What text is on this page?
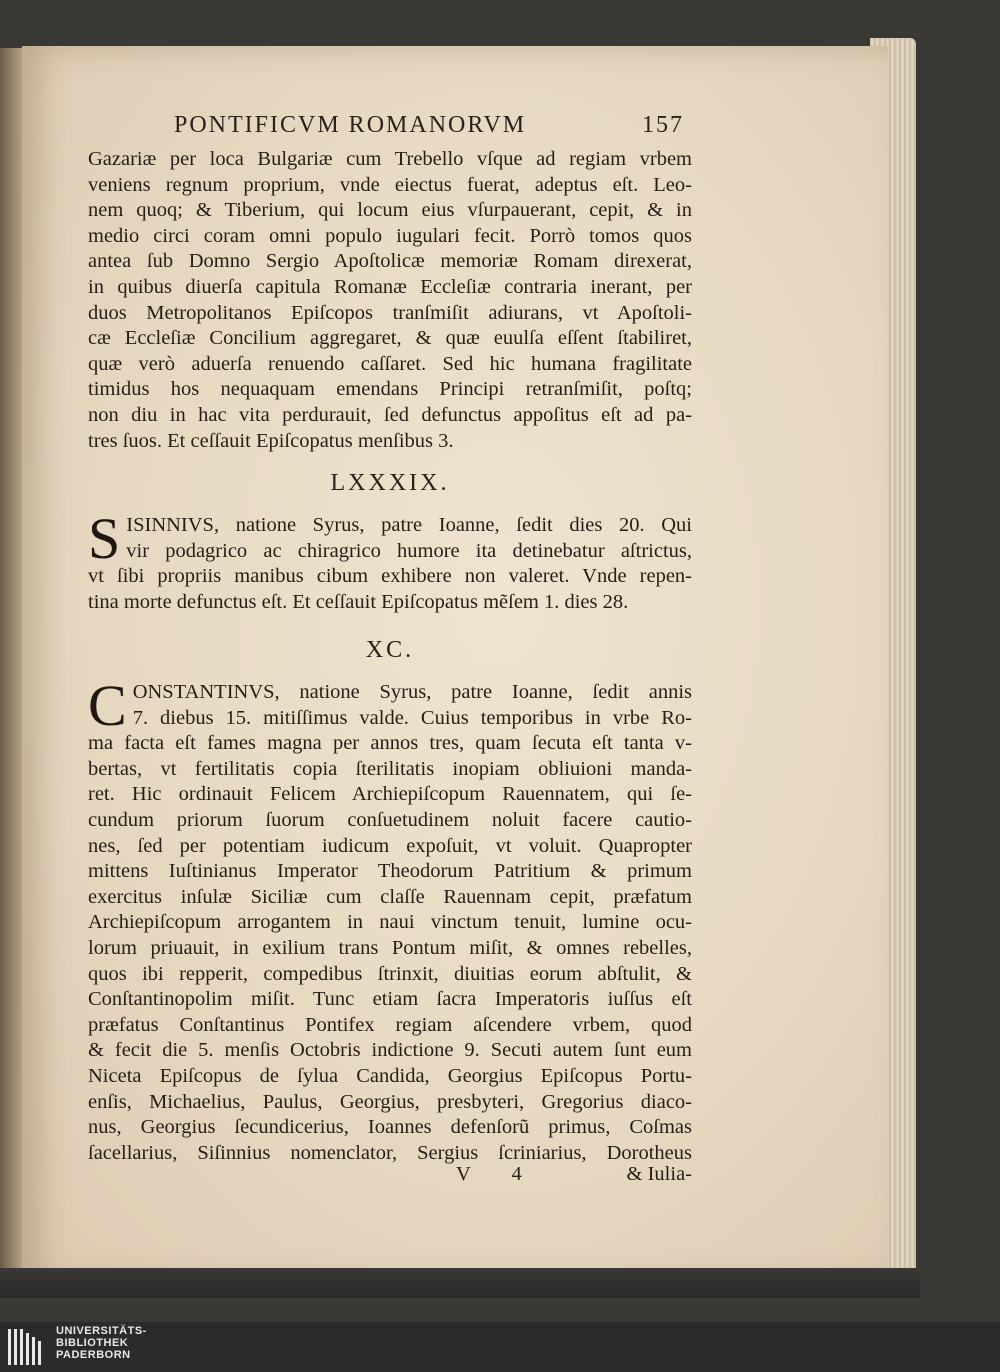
PONTIFICVM ROMANORVM	157
Gazariæ per loca Bulgariæ cum Trebello vſque ad regiam vrbem
veniens regnum proprium, vnde eiectus fuerat, adeptus eſt. Leo-
nem quoq; & Tiberium, qui locum eius vſurpauerant, cepit, & in
medio circi coram omni populo iugulari fecit. Porrò tomos quos
antea ſub Domno Sergio Apoſtolicæ memoriæ Romam direxerat,
in quibus diuerſa capitula Romanæ Eccleſiæ contraria inerant, per
duos Metropolitanos Epiſcopos tranſmiſit adiurans, vt Apoſtoli-
cæ Eccleſiæ Concilium aggregaret, & quæ euulſa eſſent ſtabiliret,
quæ verò aduerſa renuendo caſſaret. Sed hic humana fragilitate
timidus hos nequaquam emendans Principi retranſmiſit, poſtq;
non diu in hac vita perdurauit, ſed defunctus appoſitus eſt ad pa-
tres ſuos. Et ceſſauit Epiſcopatus menſibus 3.
LXXXIX.
S ISINNIVS, natione Syrus, patre Ioanne, ſedit dies 20. Qui
vir podagrico ac chiragrico humore ita detinebatur aſtrictus,
vt ſibi propriis manibus cibum exhibere non valeret. Vnde repen-
tina morte defunctus eſt. Et ceſſauit Epiſcopatus mẽſem 1. dies 28.
XC.
C ONSTANTINVS, natione Syrus, patre Ioanne, ſedit annis
7. diebus 15. mitiſſimus valde. Cuius temporibus in vrbe Ro-
ma facta eſt fames magna per annos tres, quam ſecuta eſt tanta v-
bertas, vt fertilitatis copia ſterilitatis inopiam obliuioni manda-
ret. Hic ordinauit Felicem Archiepiſcopum Rauennatem, qui ſe-
cundum priorum ſuorum conſuetudinem noluit facere cautio-
nes, ſed per potentiam iudicum expoſuit, vt voluit. Quapropter
mittens Iuſtinianus Imperator Theodorum Patritium & primum
exercitus inſulæ Siciliæ cum claſſe Rauennam cepit, præfatum
Archiepiſcopum arrogantem in naui vinctum tenuit, lumine ocu-
lorum priuauit, in exilium trans Pontum miſit, & omnes rebelles,
quos ibi repperit, compedibus ſtrinxit, diuitias eorum abſtulit, &
Conſtantinopolim miſit. Tunc etiam ſacra Imperatoris iuſſus eſt
præfatus Conſtantinus Pontifex regiam aſcendere vrbem, quod
& fecit die 5. menſis Octobris indictione 9. Secuti autem ſunt eum
Niceta Epiſcopus de ſylua Candida, Georgius Epiſcopus Portu-
enſis, Michaelius, Paulus, Georgius, presbyteri, Gregorius diaco-
nus, Georgius ſecundicerius, Ioannes defenſorũ primus, Coſmas
ſacellarius, Siſinnius nomenclator, Sergius ſcriniarius, Dorotheus
V 4	& Iulia-
UNIVERSITÄTS-
BIBLIOTHEK
PADERBORN
